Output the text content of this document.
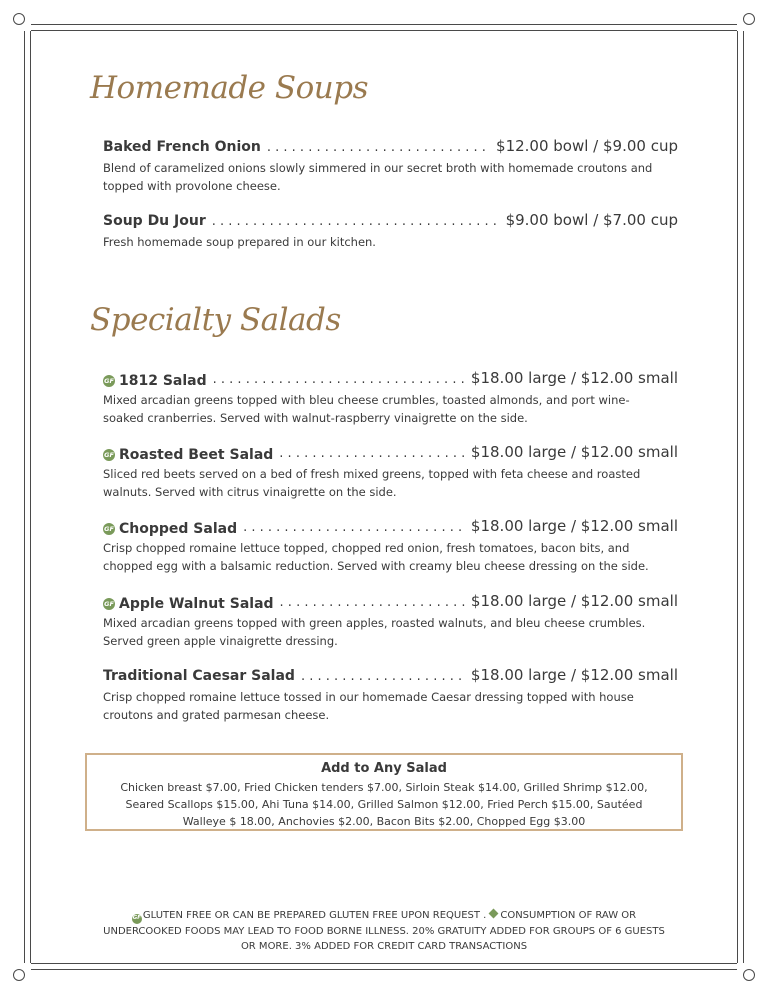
Homemade Soups
Baked French Onion . . .	$12.00 bowl / $9.00 cup
Blend of caramelized onions slowly simmered in our secret broth with homemade croutons and topped with provolone cheese.
Soup Du Jour . . .	$9.00 bowl / $7.00 cup
Fresh homemade soup prepared in our kitchen.
Specialty Salads
GF 1812 Salad . . .	$18.00 large / $12.00 small
Mixed arcadian greens topped with bleu cheese crumbles, toasted almonds, and port wine-soaked cranberries. Served with walnut-raspberry vinaigrette on the side.
GF Roasted Beet Salad . . .	$18.00 large / $12.00 small
Sliced red beets served on a bed of fresh mixed greens, topped with feta cheese and roasted walnuts. Served with citrus vinaigrette on the side.
GF Chopped Salad . . .	$18.00 large / $12.00 small
Crisp chopped romaine lettuce topped, chopped red onion, fresh tomatoes, bacon bits, and chopped egg with a balsamic reduction. Served with creamy bleu cheese dressing on the side.
GF Apple Walnut Salad . . .	$18.00 large / $12.00 small
Mixed arcadian greens topped with green apples, roasted walnuts, and bleu cheese crumbles. Served green apple vinaigrette dressing.
Traditional Caesar Salad . . .	$18.00 large / $12.00 small
Crisp chopped romaine lettuce tossed in our homemade Caesar dressing topped with house croutons and grated parmesan cheese.
Add to Any Salad
Chicken breast $7.00, Fried Chicken tenders $7.00, Sirloin Steak $14.00, Grilled Shrimp $12.00, Seared Scallops $15.00, Ahi Tuna $14.00, Grilled Salmon $12.00, Fried Perch $15.00, Sautéed Walleye $ 18.00, Anchovies $2.00, Bacon Bits $2.00, Chopped Egg $3.00
GF GLUTEN FREE OR CAN BE PREPARED GLUTEN FREE UPON REQUEST . CONSUMPTION OF RAW OR UNDERCOOKED FOODS MAY LEAD TO FOOD BORNE ILLNESS. 20% GRATUITY ADDED FOR GROUPS OF 6 GUESTS OR MORE. 3% ADDED FOR CREDIT CARD TRANSACTIONS
